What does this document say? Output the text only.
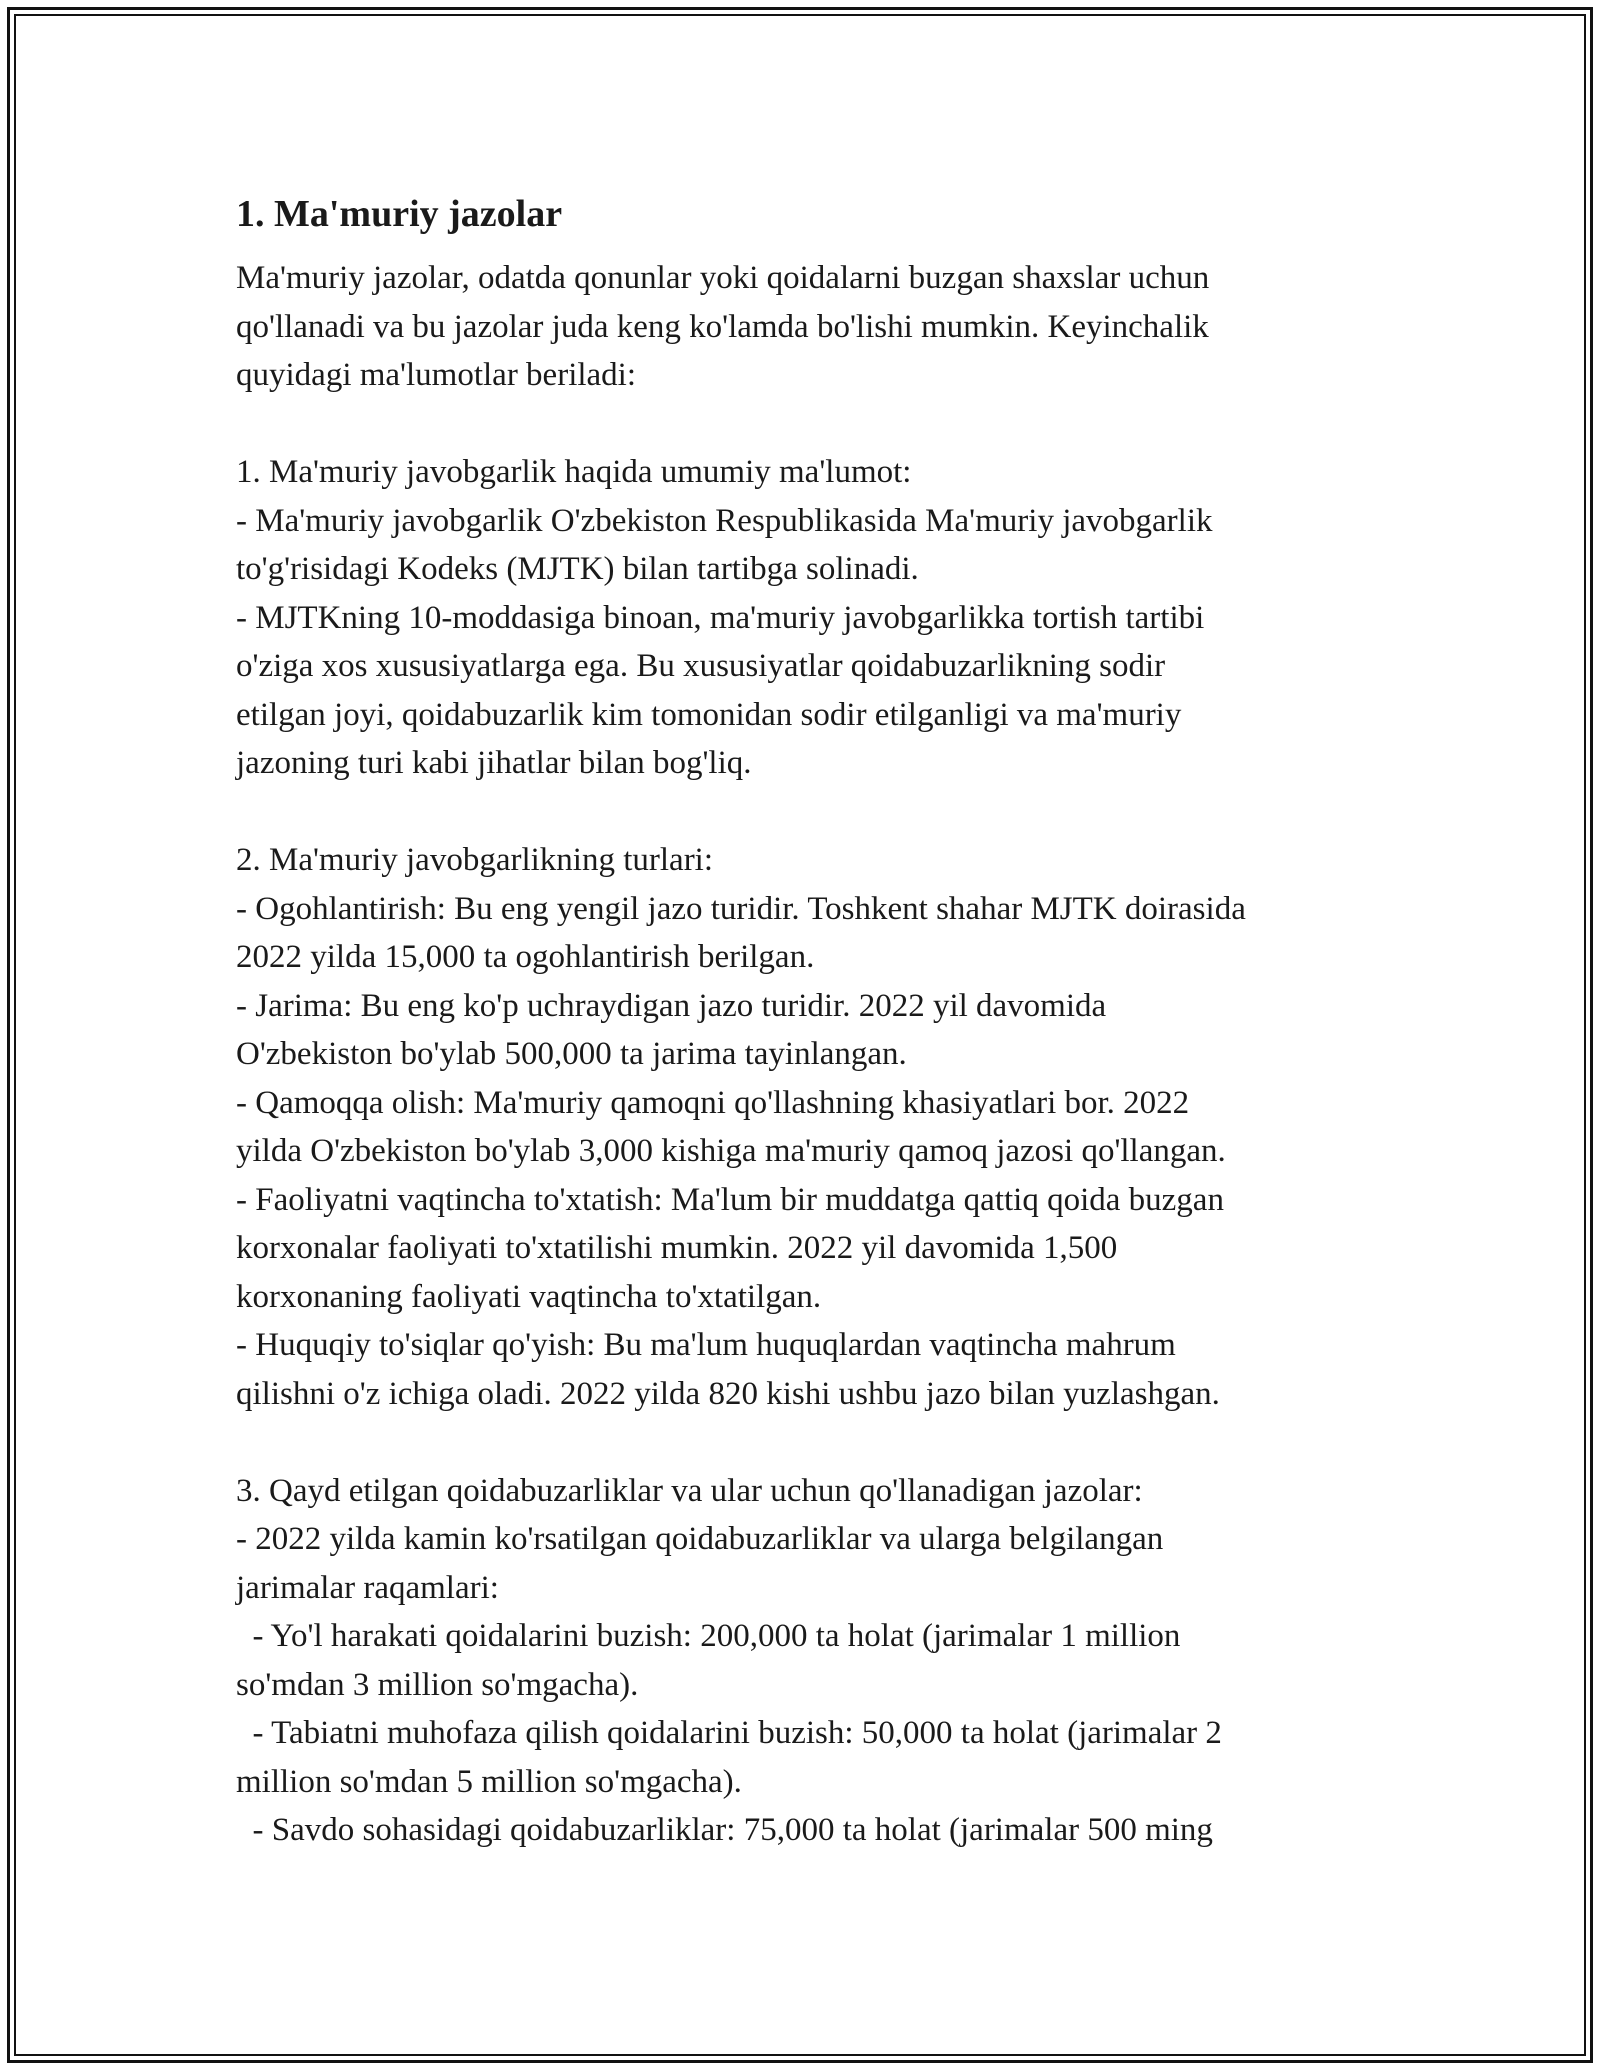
1. Ma'muriy jazolar
Ma'muriy jazolar, odatda qonunlar yoki qoidalarni buzgan shaxslar uchun
qo'llanadi va bu jazolar juda keng ko'lamda bo'lishi mumkin. Keyinchalik
quyidagi ma'lumotlar beriladi:
1. Ma'muriy javobgarlik haqida umumiy ma'lumot:
- Ma'muriy javobgarlik O'zbekiston Respublikasida Ma'muriy javobgarlik
to'g'risidagi Kodeks (MJTK) bilan tartibga solinadi.
- MJTKning 10-moddasiga binoan, ma'muriy javobgarlikka tortish tartibi
o'ziga xos xususiyatlarga ega. Bu xususiyatlar qoidabuzarlikning sodir
etilgan joyi, qoidabuzarlik kim tomonidan sodir etilganligi va ma'muriy
jazoning turi kabi jihatlar bilan bog'liq.
2. Ma'muriy javobgarlikning turlari:
- Ogohlantirish: Bu eng yengil jazo turidir. Toshkent shahar MJTK doirasida
2022 yilda 15,000 ta ogohlantirish berilgan.
- Jarima: Bu eng ko'p uchraydigan jazo turidir. 2022 yil davomida
O'zbekiston bo'ylab 500,000 ta jarima tayinlangan.
- Qamoqqa olish: Ma'muriy qamoqni qo'llashning khasiyatlari bor. 2022
yilda O'zbekiston bo'ylab 3,000 kishiga ma'muriy qamoq jazosi qo'llangan.
- Faoliyatni vaqtincha to'xtatish: Ma'lum bir muddatga qattiq qoida buzgan
korxonalar faoliyati to'xtatilishi mumkin. 2022 yil davomida 1,500
korxonaning faoliyati vaqtincha to'xtatilgan.
- Huquqiy to'siqlar qo'yish: Bu ma'lum huquqlardan vaqtincha mahrum
qilishni o'z ichiga oladi. 2022 yilda 820 kishi ushbu jazo bilan yuzlashgan.
3. Qayd etilgan qoidabuzarliklar va ular uchun qo'llanadigan jazolar:
- 2022 yilda kamin ko'rsatilgan qoidabuzarliklar va ularga belgilangan
jarimalar raqamlari:
- Yo'l harakati qoidalarini buzish: 200,000 ta holat (jarimalar 1 million
so'mdan 3 million so'mgacha).
- Tabiatni muhofaza qilish qoidalarini buzish: 50,000 ta holat (jarimalar 2
million so'mdan 5 million so'mgacha).
- Savdo sohasidagi qoidabuzarliklar: 75,000 ta holat (jarimalar 500 ming
